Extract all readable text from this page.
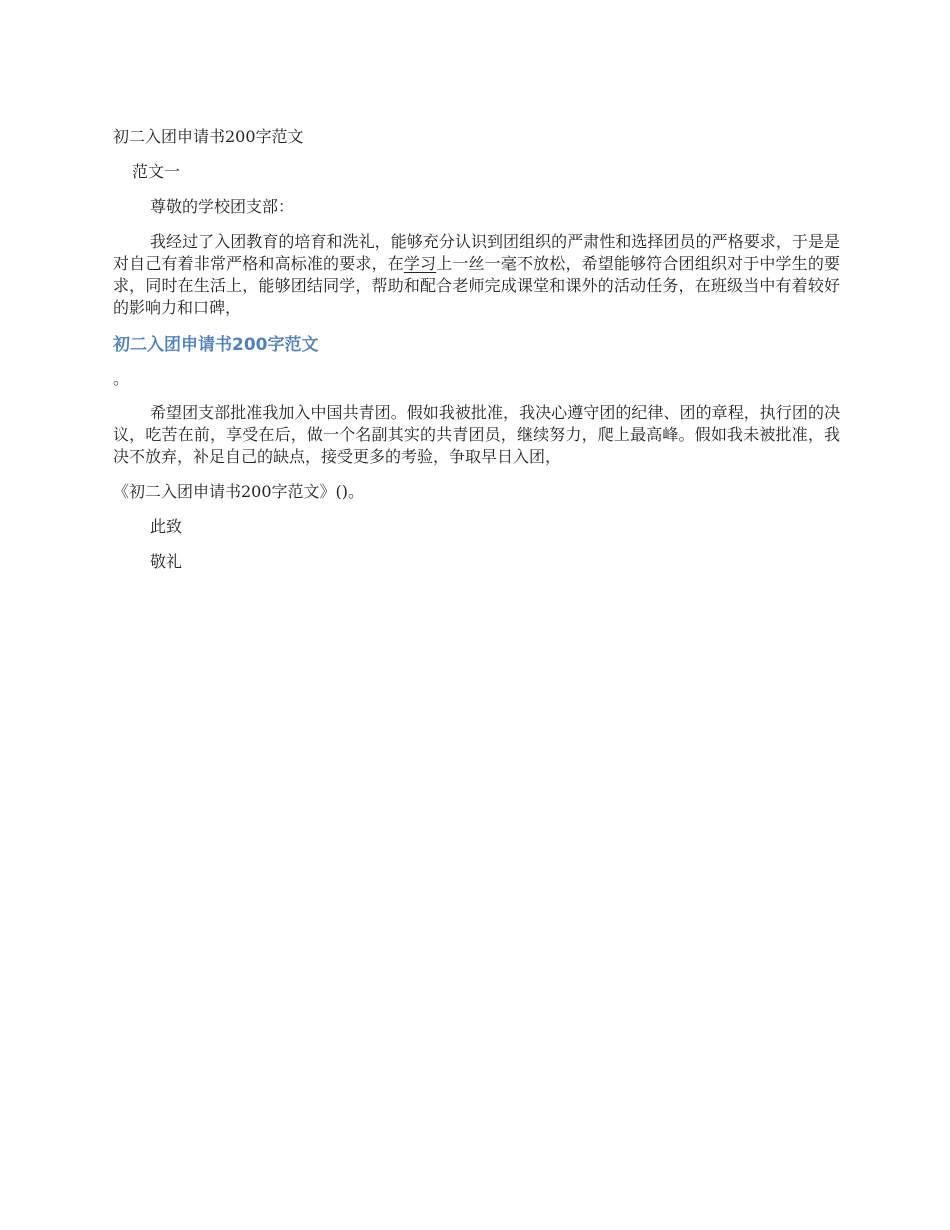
初二入团申请书200字范文

范文一

尊敬的学校团支部：

我经过了入团教育的培育和洗礼，能够充分认识到团组织的严肃性和选择团员的严格要求，于是是对自己有着非常严格和高标准的要求，在学习上一丝一毫不放松，希望能够符合团组织对于中学生的要求，同时在生活上，能够团结同学，帮助和配合老师完成课堂和课外的活动任务，在班级当中有着较好的影响力和口碑，

初二入团申请书200字范文

。

希望团支部批准我加入中国共青团。假如我被批准，我决心遵守团的纪律、团的章程，执行团的决议，吃苦在前，享受在后，做一个名副其实的共青团员，继续努力，爬上最高峰。假如我未被批准，我决不放弃，补足自己的缺点，接受更多的考验，争取早日入团，

《初二入团申请书200字范文》()。

此致

敬礼
